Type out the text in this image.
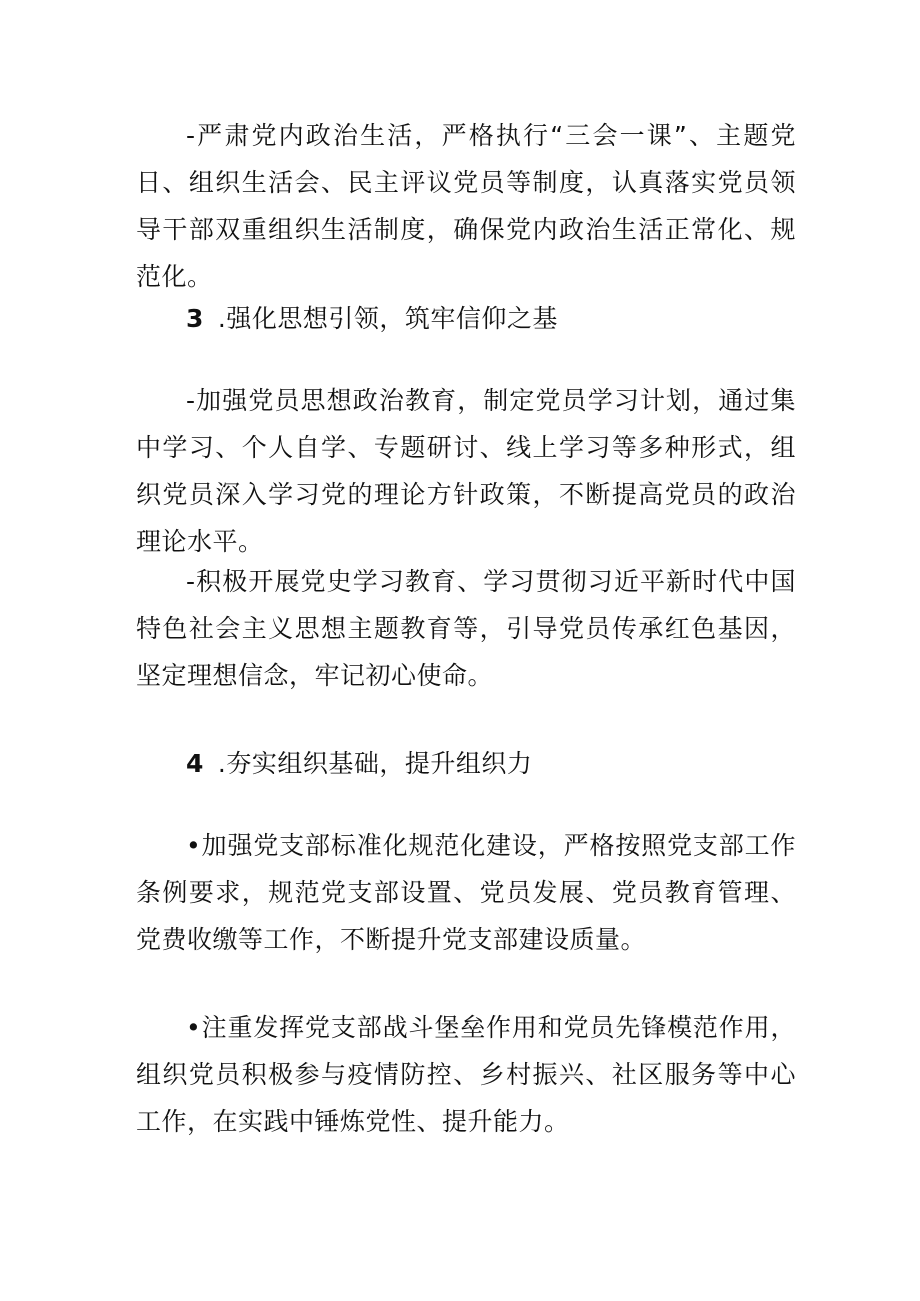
-严肃党内政治生活，严格执行“三会一课”、主题党日、组织生活会、民主评议党员等制度，认真落实党员领导干部双重组织生活制度，确保党内政治生活正常化、规范化。

3 .强化思想引领，筑牢信仰之基

-加强党员思想政治教育，制定党员学习计划，通过集中学习、个人自学、专题研讨、线上学习等多种形式，组织党员深入学习党的理论方针政策，不断提高党员的政治理论水平。

-积极开展党史学习教育、学习贯彻习近平新时代中国特色社会主义思想主题教育等，引导党员传承红色基因，坚定理想信念，牢记初心使命。

4 .夯实组织基础，提升组织力

•加强党支部标准化规范化建设，严格按照党支部工作条例要求，规范党支部设置、党员发展、党员教育管理、党费收缴等工作，不断提升党支部建设质量。

•注重发挥党支部战斗堡垒作用和党员先锋模范作用，组织党员积极参与疫情防控、乡村振兴、社区服务等中心工作，在实践中锤炼党性、提升能力。
